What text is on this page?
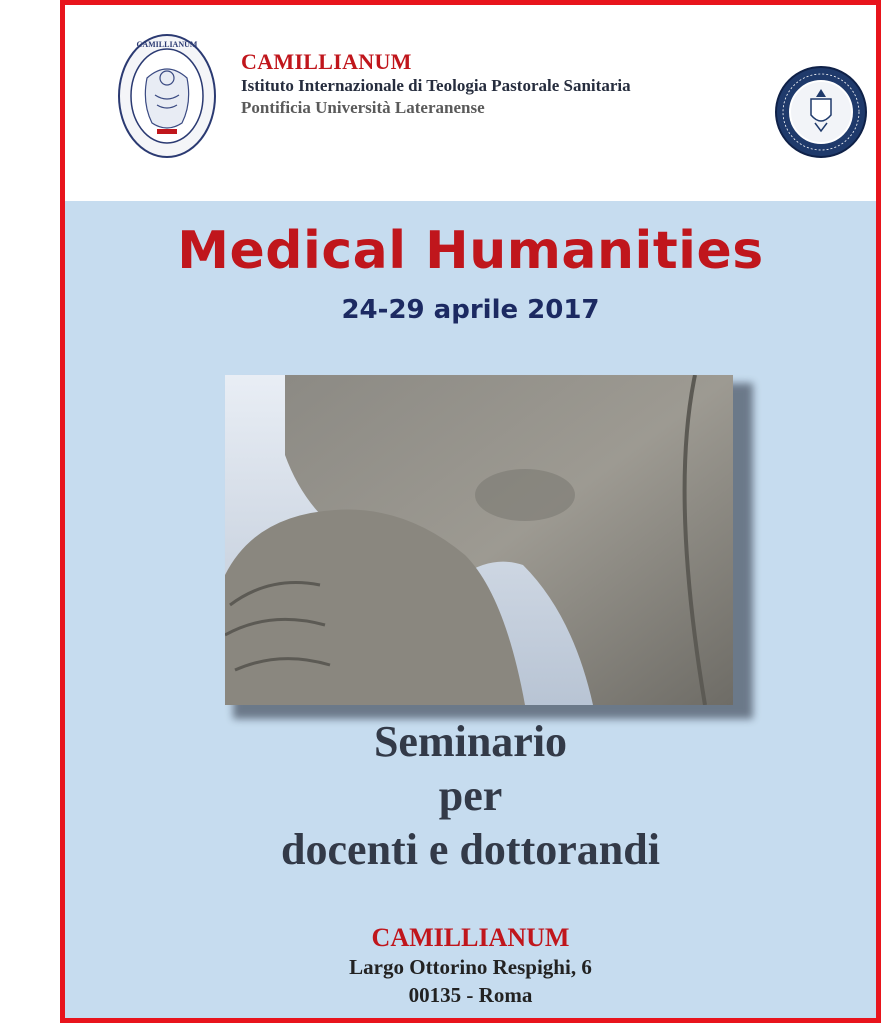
CAMILLIANUM
CAMILLIANUM
Istituto Internazionale di Teologia Pastorale Sanitaria
Pontificia Università Lateranense
Medical Humanities
24-29 aprile 2017
Seminario
per
docenti e dottorandi
CAMILLIANUM
Largo Ottorino Respighi, 6
00135 - Roma
